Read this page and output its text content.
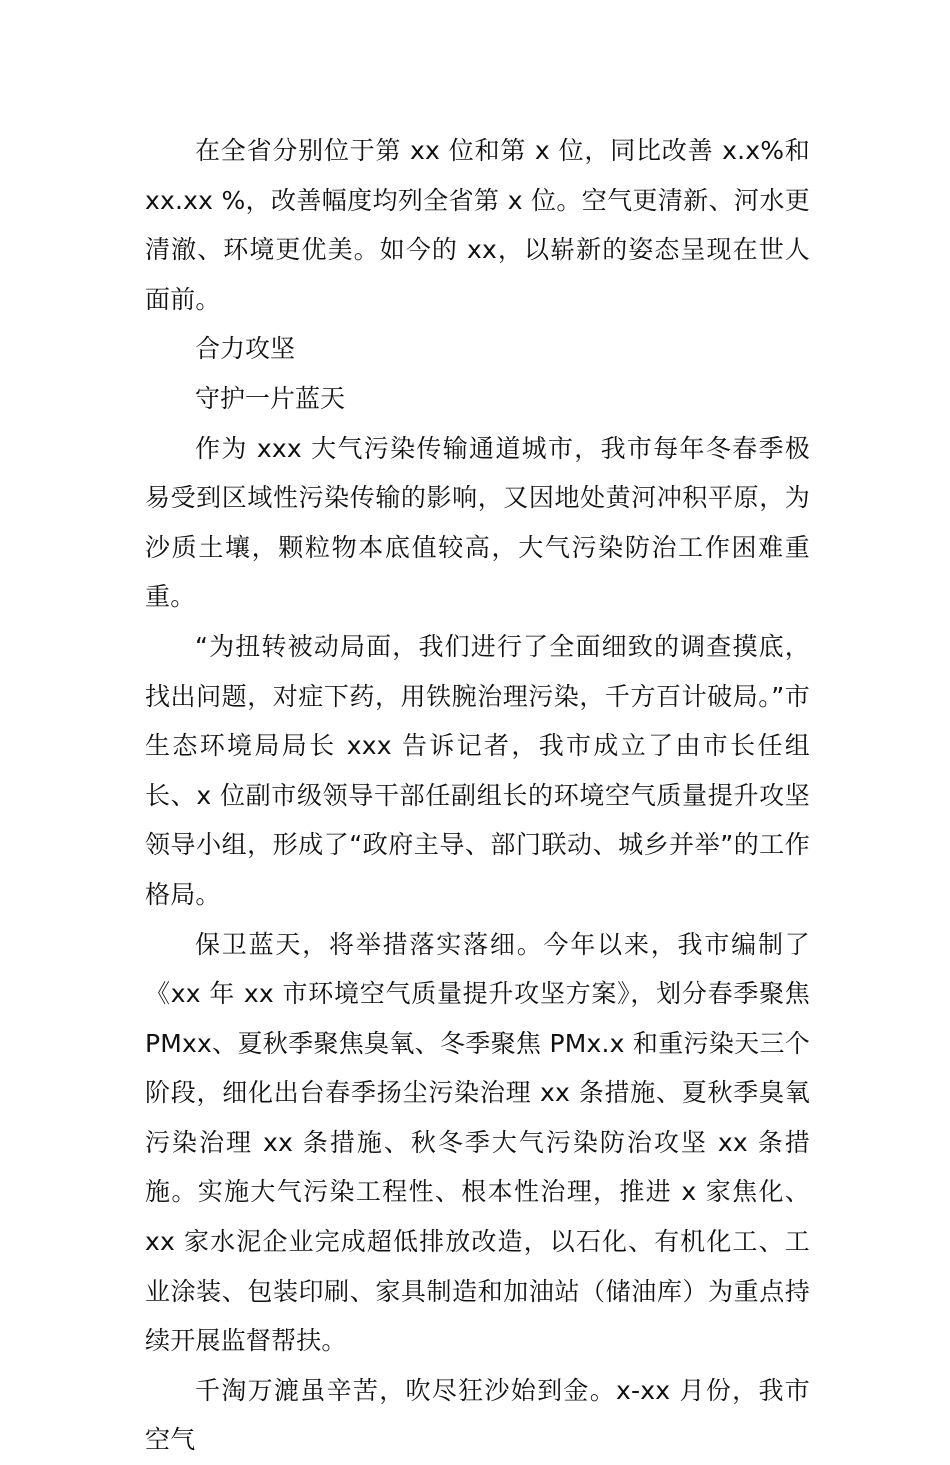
在全省分别位于第 xx 位和第 x 位，同比改善 x.x%和 xx.xx %，改善幅度均列全省第 x 位。空气更清新、河水更清澈、环境更优美。如今的 xx，以崭新的姿态呈现在世人面前。

合力攻坚

守护一片蓝天

作为 xxx 大气污染传输通道城市，我市每年冬春季极易受到区域性污染传输的影响，又因地处黄河冲积平原，为沙质土壤，颗粒物本底值较高，大气污染防治工作困难重重。

“为扭转被动局面，我们进行了全面细致的调查摸底，找出问题，对症下药，用铁腕治理污染，千方百计破局。”市生态环境局局长 xxx 告诉记者，我市成立了由市长任组长、x 位副市级领导干部任副组长的环境空气质量提升攻坚领导小组，形成了“政府主导、部门联动、城乡并举”的工作格局。

保卫蓝天，将举措落实落细。今年以来，我市编制了《xx 年 xx 市环境空气质量提升攻坚方案》，划分春季聚焦 PMxx、夏秋季聚焦臭氧、冬季聚焦 PMx.x 和重污染天三个阶段，细化出台春季扬尘污染治理 xx 条措施、夏秋季臭氧污染治理 xx 条措施、秋冬季大气污染防治攻坚 xx 条措施。实施大气污染工程性、根本性治理，推进 x 家焦化、xx 家水泥企业完成超低排放改造，以石化、有机化工、工业涂装、包装印刷、家具制造和加油站（储油库）为重点持续开展监督帮扶。

千淘万漉虽辛苦，吹尽狂沙始到金。x-xx 月份，我市空气
